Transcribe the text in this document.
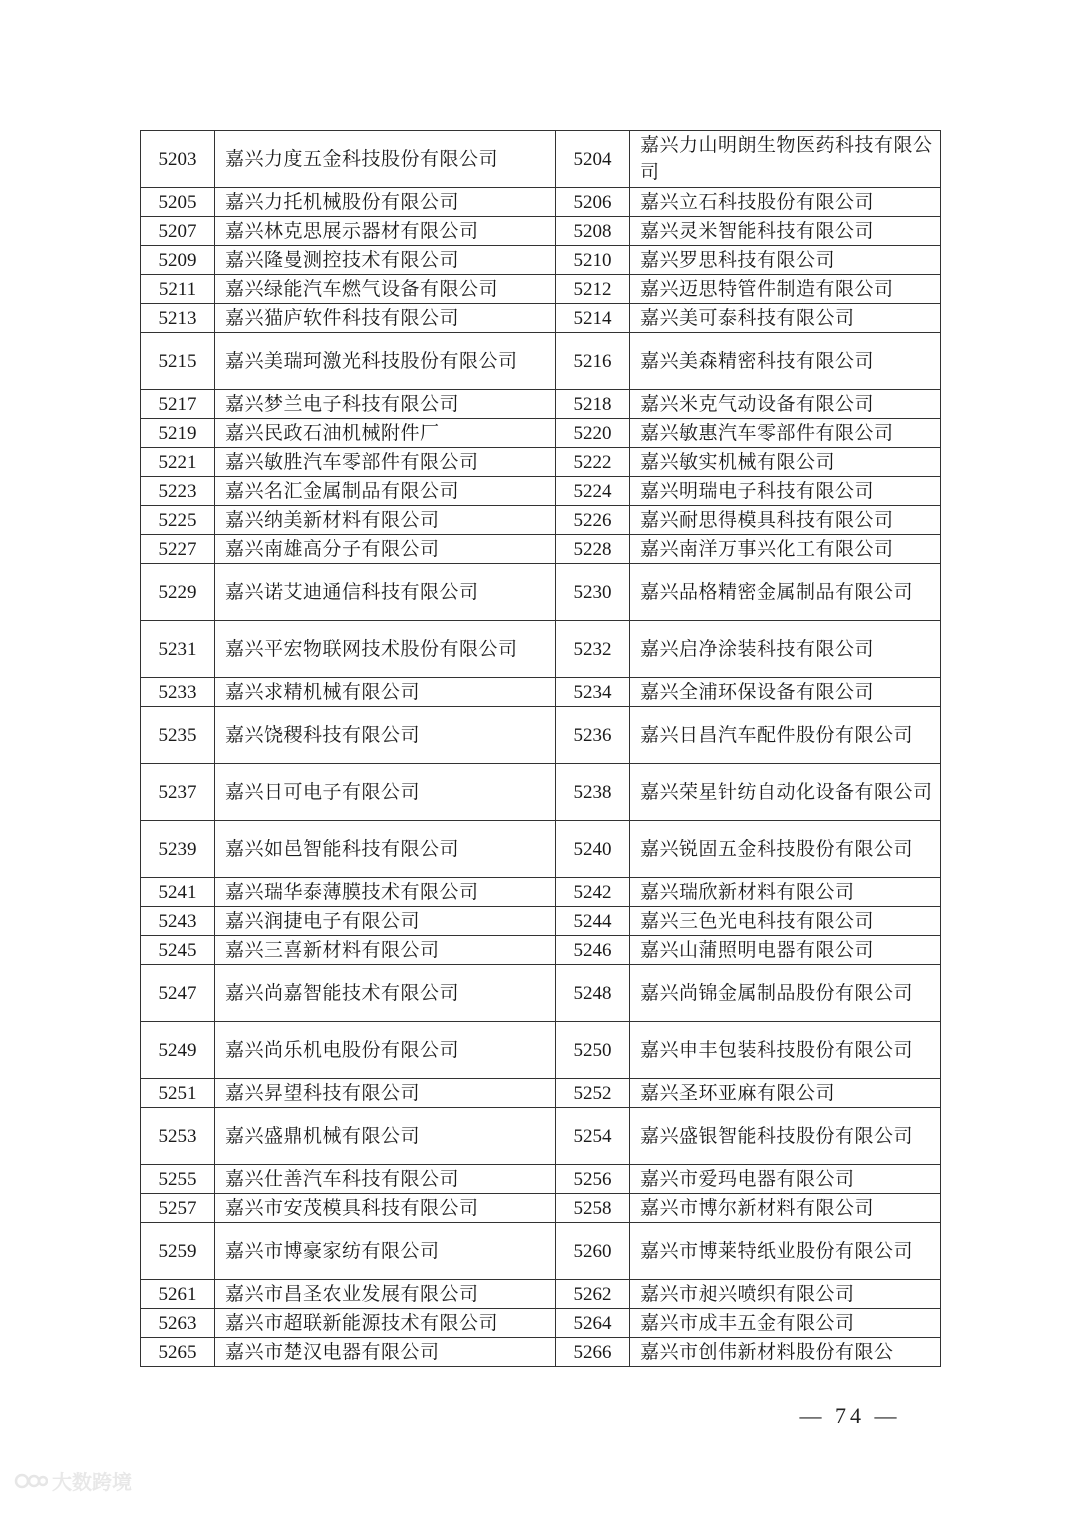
5203	嘉兴力度五金科技股份有限公司	5204	嘉兴力山明朗生物医药科技有限公司
5205	嘉兴力托机械股份有限公司	5206	嘉兴立石科技股份有限公司
5207	嘉兴林克思展示器材有限公司	5208	嘉兴灵米智能科技有限公司
5209	嘉兴隆曼测控技术有限公司	5210	嘉兴罗思科技有限公司
5211	嘉兴绿能汽车燃气设备有限公司	5212	嘉兴迈思特管件制造有限公司
5213	嘉兴猫庐软件科技有限公司	5214	嘉兴美可泰科技有限公司
5215	嘉兴美瑞珂激光科技股份有限公司	5216	嘉兴美森精密科技有限公司
5217	嘉兴梦兰电子科技有限公司	5218	嘉兴米克气动设备有限公司
5219	嘉兴民政石油机械附件厂	5220	嘉兴敏惠汽车零部件有限公司
5221	嘉兴敏胜汽车零部件有限公司	5222	嘉兴敏实机械有限公司
5223	嘉兴名汇金属制品有限公司	5224	嘉兴明瑞电子科技有限公司
5225	嘉兴纳美新材料有限公司	5226	嘉兴耐思得模具科技有限公司
5227	嘉兴南雄高分子有限公司	5228	嘉兴南洋万事兴化工有限公司
5229	嘉兴诺艾迪通信科技有限公司	5230	嘉兴品格精密金属制品有限公司
5231	嘉兴平宏物联网技术股份有限公司	5232	嘉兴启净涂装科技有限公司
5233	嘉兴求精机械有限公司	5234	嘉兴全浦环保设备有限公司
5235	嘉兴饶稷科技有限公司	5236	嘉兴日昌汽车配件股份有限公司
5237	嘉兴日可电子有限公司	5238	嘉兴荣星针纺自动化设备有限公司
5239	嘉兴如邑智能科技有限公司	5240	嘉兴锐固五金科技股份有限公司
5241	嘉兴瑞华泰薄膜技术有限公司	5242	嘉兴瑞欣新材料有限公司
5243	嘉兴润捷电子有限公司	5244	嘉兴三色光电科技有限公司
5245	嘉兴三喜新材料有限公司	5246	嘉兴山蒲照明电器有限公司
5247	嘉兴尚嘉智能技术有限公司	5248	嘉兴尚锦金属制品股份有限公司
5249	嘉兴尚乐机电股份有限公司	5250	嘉兴申丰包装科技股份有限公司
5251	嘉兴昇望科技有限公司	5252	嘉兴圣环亚麻有限公司
5253	嘉兴盛鼎机械有限公司	5254	嘉兴盛银智能科技股份有限公司
5255	嘉兴仕善汽车科技有限公司	5256	嘉兴市爱玛电器有限公司
5257	嘉兴市安茂模具科技有限公司	5258	嘉兴市博尔新材料有限公司
5259	嘉兴市博豪家纺有限公司	5260	嘉兴市博莱特纸业股份有限公司
5261	嘉兴市昌圣农业发展有限公司	5262	嘉兴市昶兴喷织有限公司
5263	嘉兴市超联新能源技术有限公司	5264	嘉兴市成丰五金有限公司
5265	嘉兴市楚汉电器有限公司	5266	嘉兴市创伟新材料股份有限公
— 74 —
大数跨境
